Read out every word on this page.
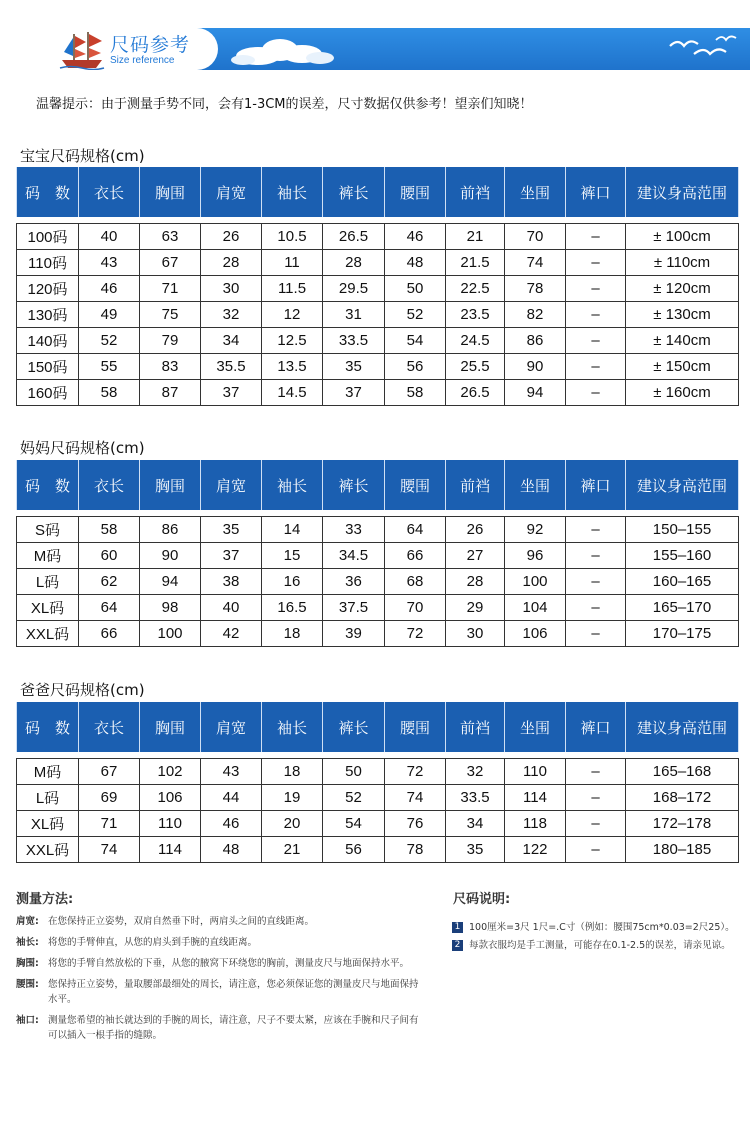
尺码参考
Size reference
温馨提示：由于测量手势不同，会有1-3CM的误差，尺寸数据仅供参考！望亲们知晓！
宝宝尺码规格(cm)
码　数	衣长	胸围	肩宽	袖长	裤长	腰围	前裆	坐围	裤口	建议身高范围

100码	40	63	26	10.5	26.5	46	21	70	–	± 100cm
110码	43	67	28	11	28	48	21.5	74	–	± 110cm
120码	46	71	30	11.5	29.5	50	22.5	78	–	± 120cm
130码	49	75	32	12	31	52	23.5	82	–	± 130cm
140码	52	79	34	12.5	33.5	54	24.5	86	–	± 140cm
150码	55	83	35.5	13.5	35	56	25.5	90	–	± 150cm
160码	58	87	37	14.5	37	58	26.5	94	–	± 160cm
妈妈尺码规格(cm)
码　数	衣长	胸围	肩宽	袖长	裤长	腰围	前裆	坐围	裤口	建议身高范围

S码	58	86	35	14	33	64	26	92	–	150–155
M码	60	90	37	15	34.5	66	27	96	–	155–160
L码	62	94	38	16	36	68	28	100	–	160–165
XL码	64	98	40	16.5	37.5	70	29	104	–	165–170
XXL码	66	100	42	18	39	72	30	106	–	170–175
爸爸尺码规格(cm)
码　数	衣长	胸围	肩宽	袖长	裤长	腰围	前裆	坐围	裤口	建议身高范围

M码	67	102	43	18	50	72	32	110	–	165–168
L码	69	106	44	19	52	74	33.5	114	–	168–172
XL码	71	110	46	20	54	76	34	118	–	172–178
XXL码	74	114	48	21	56	78	35	122	–	180–185
测量方法:
肩宽: 在您保持正立姿势，双肩自然垂下时，两肩头之间的直线距离。
袖长: 将您的手臂伸直，从您的肩头到手腕的直线距离。
胸围: 将您的手臂自然放松的下垂，从您的腋窝下环绕您的胸前，测量皮尺与地面保持水平。
腰围: 您保持正立姿势，量取腰部最细处的周长，请注意，您必须保证您的测量皮尺与地面保持水平。
袖口: 测量您希望的袖长就达到的手腕的周长，请注意，尺子不要太紧，应该在手腕和尺子间有可以插入一根手指的缝隙。
尺码说明:
1 100厘米=3尺 1尺=.C寸（例如：腰围75cm*0.03=2尺25）。
2 每款衣服均是手工测量，可能存在0.1-2.5的误差，请亲见谅。
